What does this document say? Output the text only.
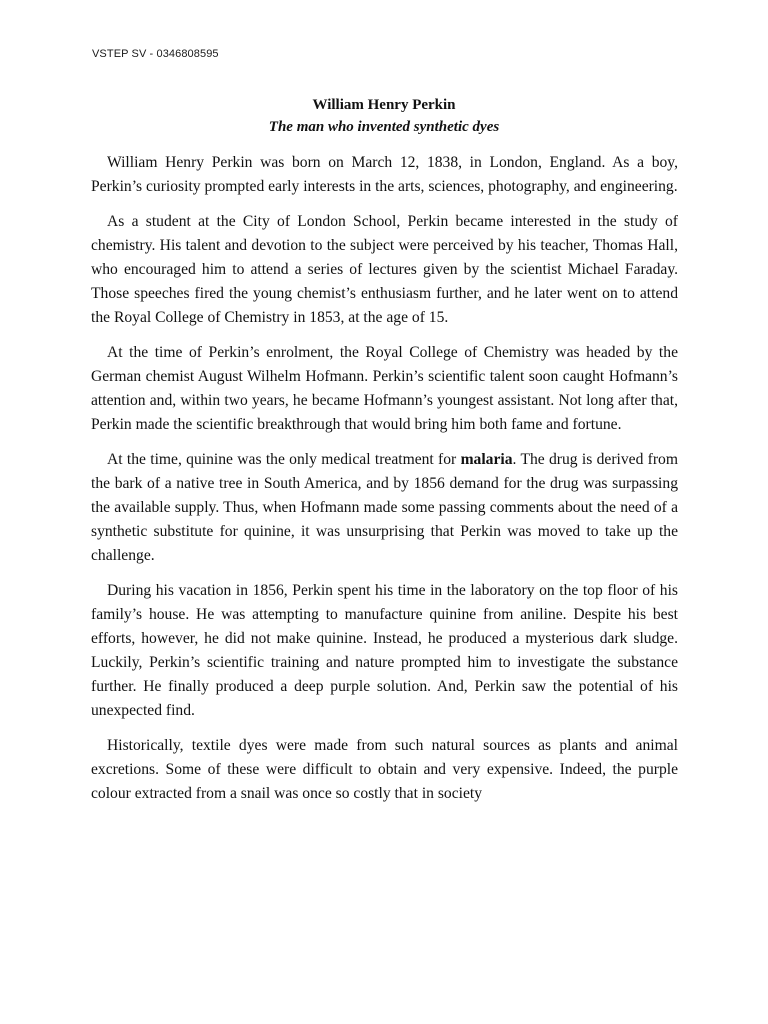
VSTEP SV - 0346808595
William Henry Perkin
The man who invented synthetic dyes

William Henry Perkin was born on March 12, 1838, in London, England. As a boy, Perkin’s curiosity prompted early interests in the arts, sciences, photography, and engineering.

As a student at the City of London School, Perkin became interested in the study of chemistry. His talent and devotion to the subject were perceived by his teacher, Thomas Hall, who encouraged him to attend a series of lectures given by the scientist Michael Faraday. Those speeches fired the young chemist’s enthusiasm further, and he later went on to attend the Royal College of Chemistry in 1853, at the age of 15.

At the time of Perkin’s enrolment, the Royal College of Chemistry was headed by the German chemist August Wilhelm Hofmann. Perkin’s scientific talent soon caught Hofmann’s attention and, within two years, he became Hofmann’s youngest assistant. Not long after that, Perkin made the scientific breakthrough that would bring him both fame and fortune.

At the time, quinine was the only medical treatment for malaria. The drug is derived from the bark of a native tree in South America, and by 1856 demand for the drug was surpassing the available supply. Thus, when Hofmann made some passing comments about the need of a synthetic substitute for quinine, it was unsurprising that Perkin was moved to take up the challenge.

During his vacation in 1856, Perkin spent his time in the laboratory on the top floor of his family’s house. He was attempting to manufacture quinine from aniline. Despite his best efforts, however, he did not make quinine. Instead, he produced a mysterious dark sludge. Luckily, Perkin’s scientific training and nature prompted him to investigate the substance further. He finally produced a deep purple solution. And, Perkin saw the potential of his unexpected find.

Historically, textile dyes were made from such natural sources as plants and animal excretions. Some of these were difficult to obtain and very expensive. Indeed, the purple colour extracted from a snail was once so costly that in society
